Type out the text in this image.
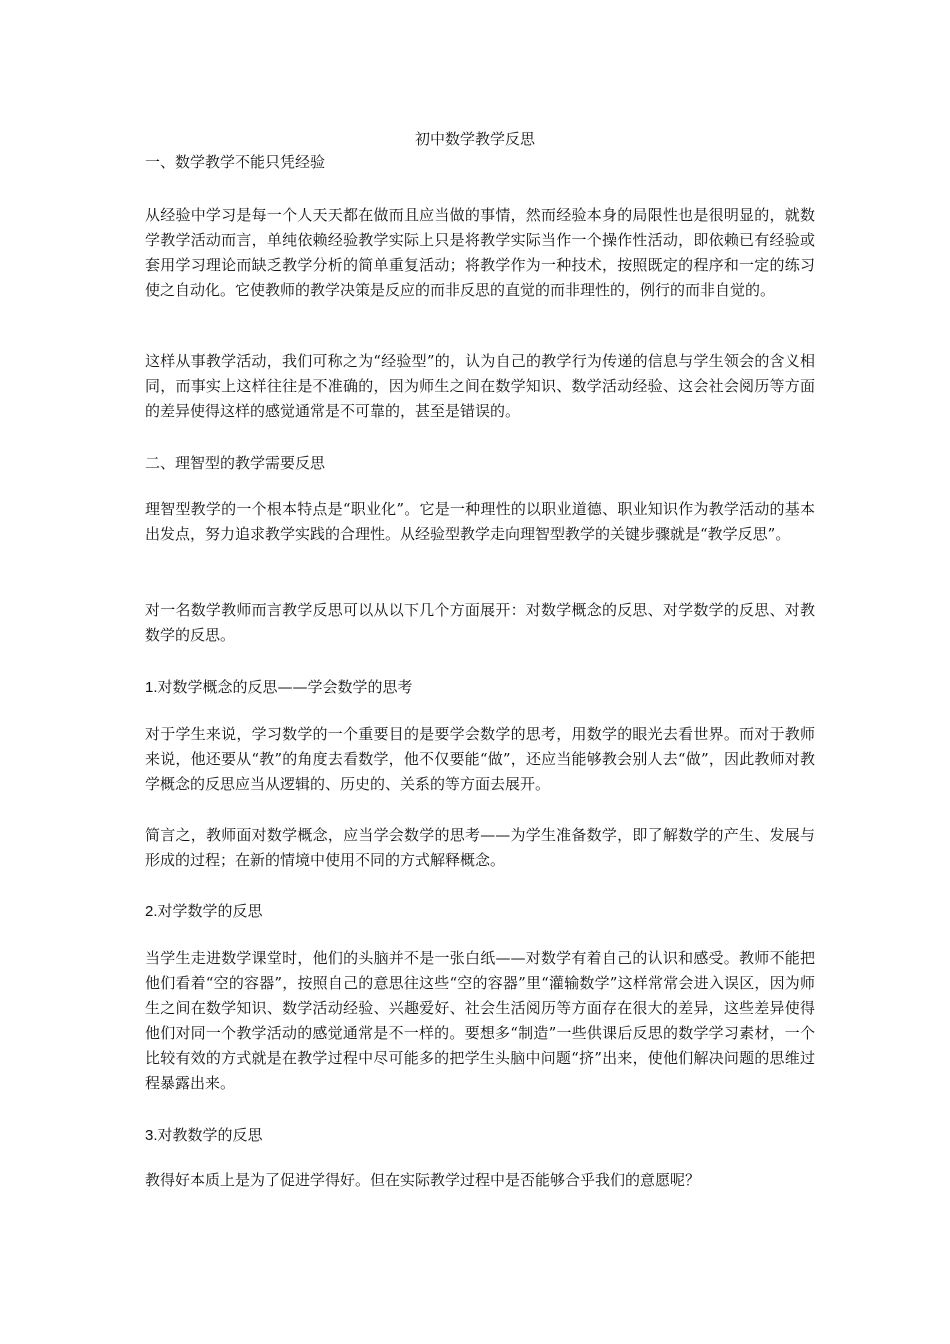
初中数学教学反思

一、数学教学不能只凭经验

从经验中学习是每一个人天天都在做而且应当做的事情，然而经验本身的局限性也是很明显的，就数学教学活动而言，单纯依赖经验教学实际上只是将教学实际当作一个操作性活动，即依赖已有经验或套用学习理论而缺乏教学分析的简单重复活动；将教学作为一种技术，按照既定的程序和一定的练习使之自动化。它使教师的教学决策是反应的而非反思的直觉的而非理性的，例行的而非自觉的。

这样从事教学活动，我们可称之为“经验型”的，认为自己的教学行为传递的信息与学生领会的含义相同，而事实上这样往往是不准确的，因为师生之间在数学知识、数学活动经验、这会社会阅历等方面的差异使得这样的感觉通常是不可靠的，甚至是错误的。

二、理智型的教学需要反思

理智型教学的一个根本特点是“职业化”。它是一种理性的以职业道德、职业知识作为教学活动的基本出发点，努力追求教学实践的合理性。从经验型教学走向理智型教学的关键步骤就是“教学反思”。

对一名数学教师而言教学反思可以从以下几个方面展开：对数学概念的反思、对学数学的反思、对教数学的反思。

1.对数学概念的反思——学会数学的思考

对于学生来说，学习数学的一个重要目的是要学会数学的思考，用数学的眼光去看世界。而对于教师来说，他还要从“教”的角度去看数学，他不仅要能“做”，还应当能够教会别人去“做”，因此教师对教学概念的反思应当从逻辑的、历史的、关系的等方面去展开。

简言之，教师面对数学概念，应当学会数学的思考——为学生准备数学，即了解数学的产生、发展与形成的过程；在新的情境中使用不同的方式解释概念。

2.对学数学的反思

当学生走进数学课堂时，他们的头脑并不是一张白纸——对数学有着自己的认识和感受。教师不能把他们看着“空的容器”，按照自己的意思往这些“空的容器”里“灌输数学”这样常常会进入误区，因为师生之间在数学知识、数学活动经验、兴趣爱好、社会生活阅历等方面存在很大的差异，这些差异使得他们对同一个教学活动的感觉通常是不一样的。要想多“制造”一些供课后反思的数学学习素材，一个比较有效的方式就是在教学过程中尽可能多的把学生头脑中问题“挤”出来，使他们解决问题的思维过程暴露出来。

3.对教数学的反思

教得好本质上是为了促进学得好。但在实际教学过程中是否能够合乎我们的意愿呢？
